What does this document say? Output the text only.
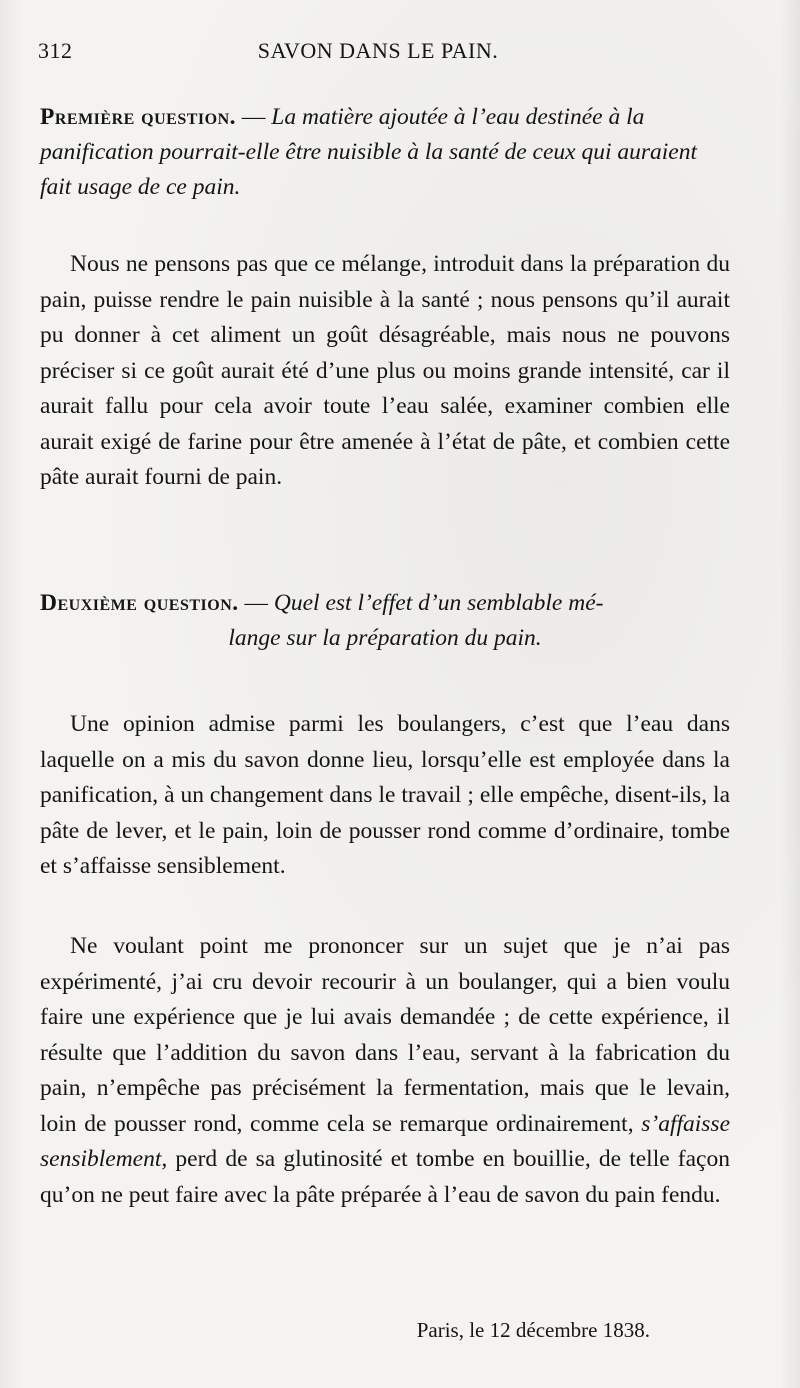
312	SAVON DANS LE PAIN.
Première question. — La matière ajoutée à l’eau destinée à la panification pourrait-elle être nuisible à la santé de ceux qui auraient fait usage de ce pain.
Nous ne pensons pas que ce mélange, introduit dans la préparation du pain, puisse rendre le pain nuisible à la santé ; nous pensons qu’il aurait pu donner à cet aliment un goût désagréable, mais nous ne pouvons préciser si ce goût aurait été d’une plus ou moins grande intensité, car il aurait fallu pour cela avoir toute l’eau salée, examiner combien elle aurait exigé de farine pour être amenée à l’état de pâte, et combien cette pâte aurait fourni de pain.
Deuxième question. — Quel est l’effet d’un semblable mé-
lange sur la préparation du pain.
Une opinion admise parmi les boulangers, c’est que l’eau dans laquelle on a mis du savon donne lieu, lorsqu’elle est employée dans la panification, à un changement dans le travail ; elle empêche, disent-ils, la pâte de lever, et le pain, loin de pousser rond comme d’ordinaire, tombe et s’affaisse sensiblement.
Ne voulant point me prononcer sur un sujet que je n’ai pas expérimenté, j’ai cru devoir recourir à un boulanger, qui a bien voulu faire une expérience que je lui avais demandée ; de cette expérience, il résulte que l’addition du savon dans l’eau, servant à la fabrication du pain, n’empêche pas précisément la fermentation, mais que le levain, loin de pousser rond, comme cela se remarque ordinairement, s’affaisse sensiblement, perd de sa glutinosité et tombe en bouillie, de telle façon qu’on ne peut faire avec la pâte préparée à l’eau de savon du pain fendu.
Paris, le 12 décembre 1838.
